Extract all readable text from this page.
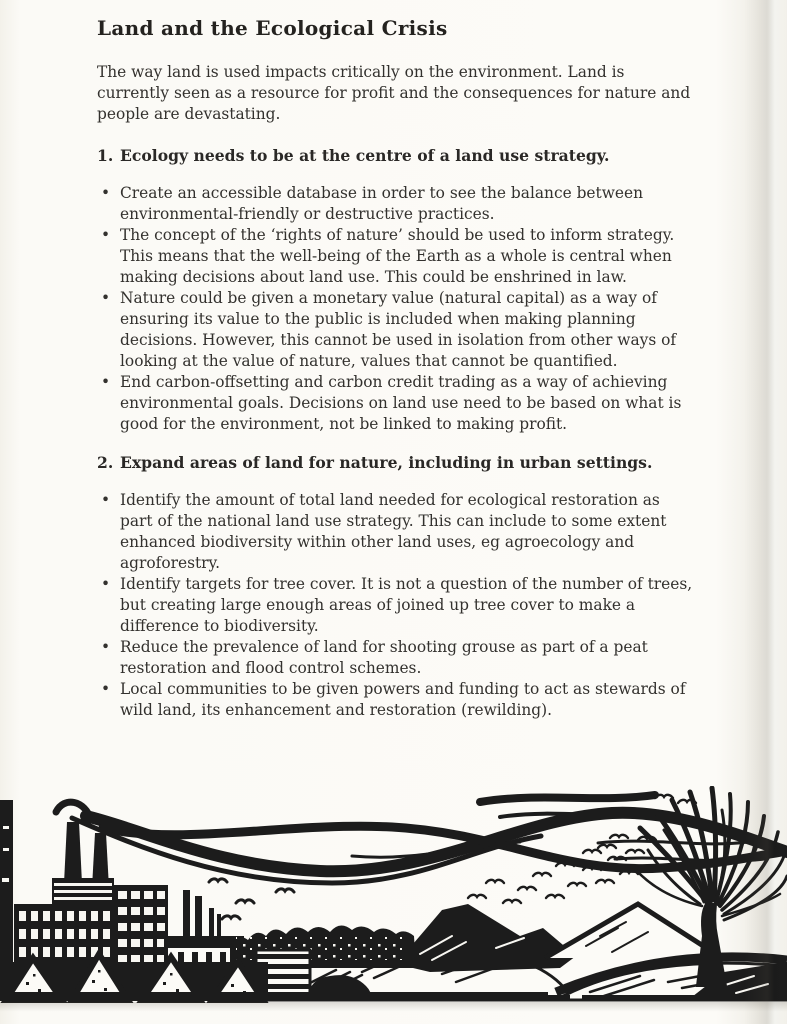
Land and the Ecological Crisis

The way land is used impacts critically on the environment. Land is currently seen as a resource for profit and the consequences for nature and people are devastating.

1. Ecology needs to be at the centre of a land use strategy.
• Create an accessible database in order to see the balance between environmental-friendly or destructive practices.
• The concept of the ‘rights of nature’ should be used to inform strategy. This means that the well-being of the Earth as a whole is central when making decisions about land use. This could be enshrined in law.
• Nature could be given a monetary value (natural capital) as a way of ensuring its value to the public is included when making planning decisions. However, this cannot be used in isolation from other ways of looking at the value of nature, values that cannot be quantified.
• End carbon-offsetting and carbon credit trading as a way of achieving environmental goals. Decisions on land use need to be based on what is good for the environment, not be linked to making profit.
2. Expand areas of land for nature, including in urban settings.
• Identify the amount of total land needed for ecological restoration as part of the national land use strategy. This can include to some extent enhanced biodiversity within other land uses, eg agroecology and agroforestry.
• Identify targets for tree cover. It is not a question of the number of trees, but creating large enough areas of joined up tree cover to make a difference to biodiversity.
• Reduce the prevalence of land for shooting grouse as part of a peat restoration and flood control schemes.
• Local communities to be given powers and funding to act as stewards of wild land, its enhancement and restoration (rewilding).
